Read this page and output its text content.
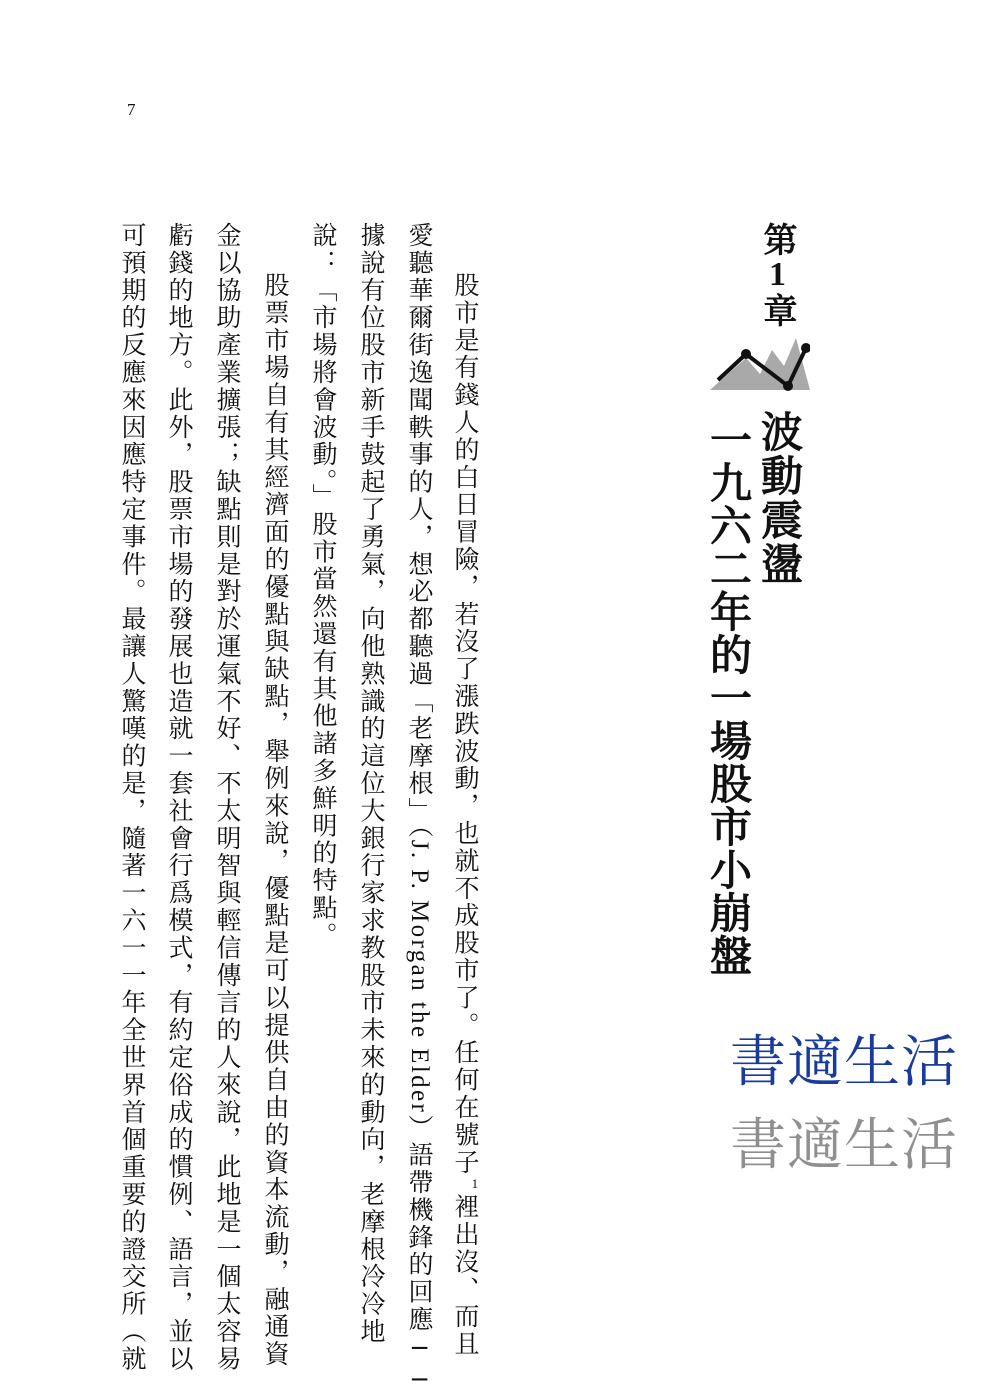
7
第1章
波動震盪
一九六二年的一場股市小崩盤
股市是有錢人的白日冒險，若沒了漲跌波動，也就不成股市了。任何在號子$^1$裡出沒、而且
愛聽華爾街逸聞軼事的人，想必都聽過「老摩根」（J. P. Morgan the Elder）語帶機鋒的回應──
據說有位股市新手鼓起了勇氣，向他熟識的這位大銀行家求教股市未來的動向，老摩根冷冷地
說：「市場將會波動。」股市當然還有其他諸多鮮明的特點。
股票市場自有其經濟面的優點與缺點，舉例來說，優點是可以提供自由的資本流動，融通資
金以協助產業擴張；缺點則是對於運氣不好、不太明智與輕信傳言的人來說，此地是一個太容易
虧錢的地方。此外，股票市場的發展也造就一套社會行爲模式，有約定俗成的慣例、語言，並以
可預期的反應來因應特定事件。最讓人驚嘆的是，隨著一六一一年全世界首個重要的證交所（就	書適生活
書適生活
